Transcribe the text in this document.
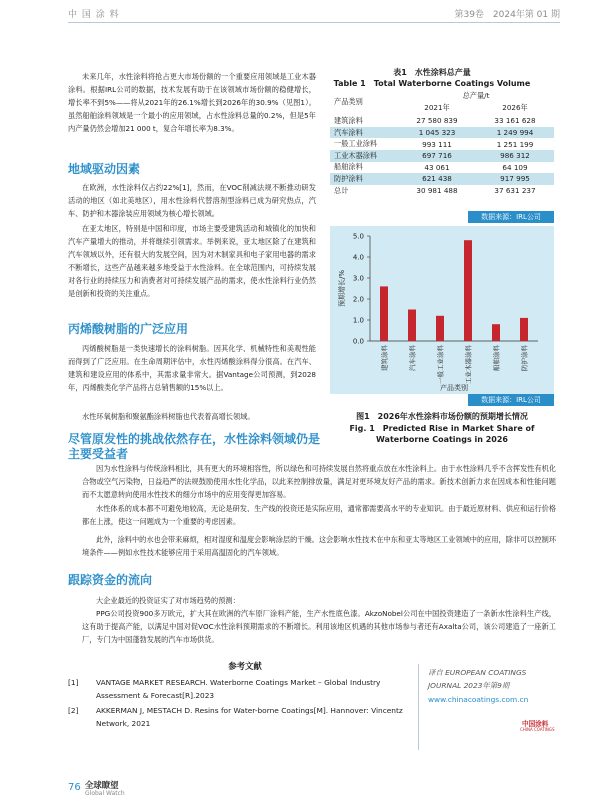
中 国 涂 料	第39卷　2024年第 01 期

未来几年，水性涂料将抢占更大市场份额的一个重要应用领域是工业木器涂料。根据IRL公司的数据，技术发展有助于在该领域市场份额的稳健增长，增长率不到5%——将从2021年的26.1%增长到2026年的30.9%（见图1）。虽然船舶涂料领域是一个最小的应用领域，占水性涂料总量的0.2%，但是5年内产量仍然会增加21 000 t，复合年增长率为8.3%。

地域驱动因素

在欧洲，水性涂料仅占约22%[1]，然而，在VOC削减法规不断推动研发活动的地区（如北美地区），用水性涂料代替溶剂型涂料已成为研究热点，汽车、防护和木器涂装应用领域为核心增长领域。

在亚太地区，特别是中国和印度，市场主要受建筑活动和城镇化的加快和汽车产量增大的推动，并将继续引领需求。举例来说，亚太地区除了在建筑和汽车领域以外，还有很大的发展空间，因为对木制家具和电子家用电器的需求不断增长，这些产品越来越多地受益于水性涂料。在全球范围内，可持续发展对各行业的持续压力和消费者对可持续发展产品的需求，使水性涂料行业仍然是创新和投资的关注重点。

丙烯酸树脂的广泛应用

丙烯酸树脂是一类快速增长的涂料树脂。因其化学、机械特性和美观性能而得到了广泛应用。在生命周期评估中，水性丙烯酸涂料得分很高。在汽车、建筑和建设应用的体系中，其需求量非常大。据Vantage公司预测，到2028年，丙烯酸类化学产品将占总销售额的15%以上。

水性环氧树脂和聚氨酯涂料树脂也代表着高增长领域。

尽管原发性的挑战依然存在，水性涂料领域仍是主要受益者
表1　水性涂料总产量
Table 1　Total Waterborne Coatings Volume
产品类别	总产量/t	
	2021年	2026年
建筑涂料	27 580 839	33 161 628
汽车涂料	1 045 323	1 249 994
一般工业涂料	993 111	1 251 199
工业木器涂料	697 716	986 312
船舶涂料	43 061	64 109
防护涂料	621 438	917 995
总计	30 981 488	37 631 237
数据来源：IRL公司
0.0
1.0
2.0
3.0
4.0
5.0
建筑涂料	汽车涂料	一般工业涂料	工业木器涂料	船舶涂料	防护涂料
预期增长/%
产品类别
数据来源：IRL公司
图1　2026年水性涂料市场份额的预期增长情况
Fig. 1　Predicted Rise in Market Share of
Waterborne Coatings in 2026

因为水性涂料与传统涂料相比，具有更大的环境相容性，所以绿色和可持续发展自然将重点放在水性涂料上。由于水性涂料几乎不含挥发性有机化合物或空气污染物，日益趋严的法规鼓励使用水性化学品，以此来控制排放量，满足对更环境友好产品的需求。新技术创新力求在因成本和性能问题而不太愿意转向使用水性技术的细分市场中的应用变得更加容易。

水性体系的成本都不可避免地较高，无论是研发、生产线的投资还是实际应用，通常都需要高水平的专业知识。由于最近原材料、供应和运行价格都在上涨，使这一问题成为一个重要的考虑因素。

此外，涂料中的水也会带来麻烦，相对湿度和温度会影响涂层的干燥。这会影响水性技术在中东和亚太等地区工业领域中的应用，除非可以控制环境条件——例如水性技术能够应用于采用高温固化的汽车领域。

跟踪资金的流向

大企业最近的投资证实了对市场趋势的预测：

PPG公司投资900多万欧元，扩大其在欧洲的汽车原厂涂料产能，生产水性底色漆。AkzoNobel公司在中国投资建造了一条新水性涂料生产线，这有助于提高产能，以满足中国对促VOC水性涂料预期需求的不断增长。利用该地区机遇的其他市场参与者还有Axalta公司，该公司建造了一座新工厂，专门为中国蓬勃发展的汽车市场供货。

参考文献
[1] VANTAGE MARKET RESEARCH. Waterborne Coatings Market – Global Industry
Assessment & Forecast[R].2023
[2] AKKERMAN J, MESTACH D. Resins for Water-borne Coatings[M]. Hannover: Vincentz
Network, 2021
译自 EUROPEAN COATINGS
JOURNAL 2023年第9期
www.chinacoatings.com.cn
中国涂料
CHINA COATINGS
76 全球瞭望
Global Watch
